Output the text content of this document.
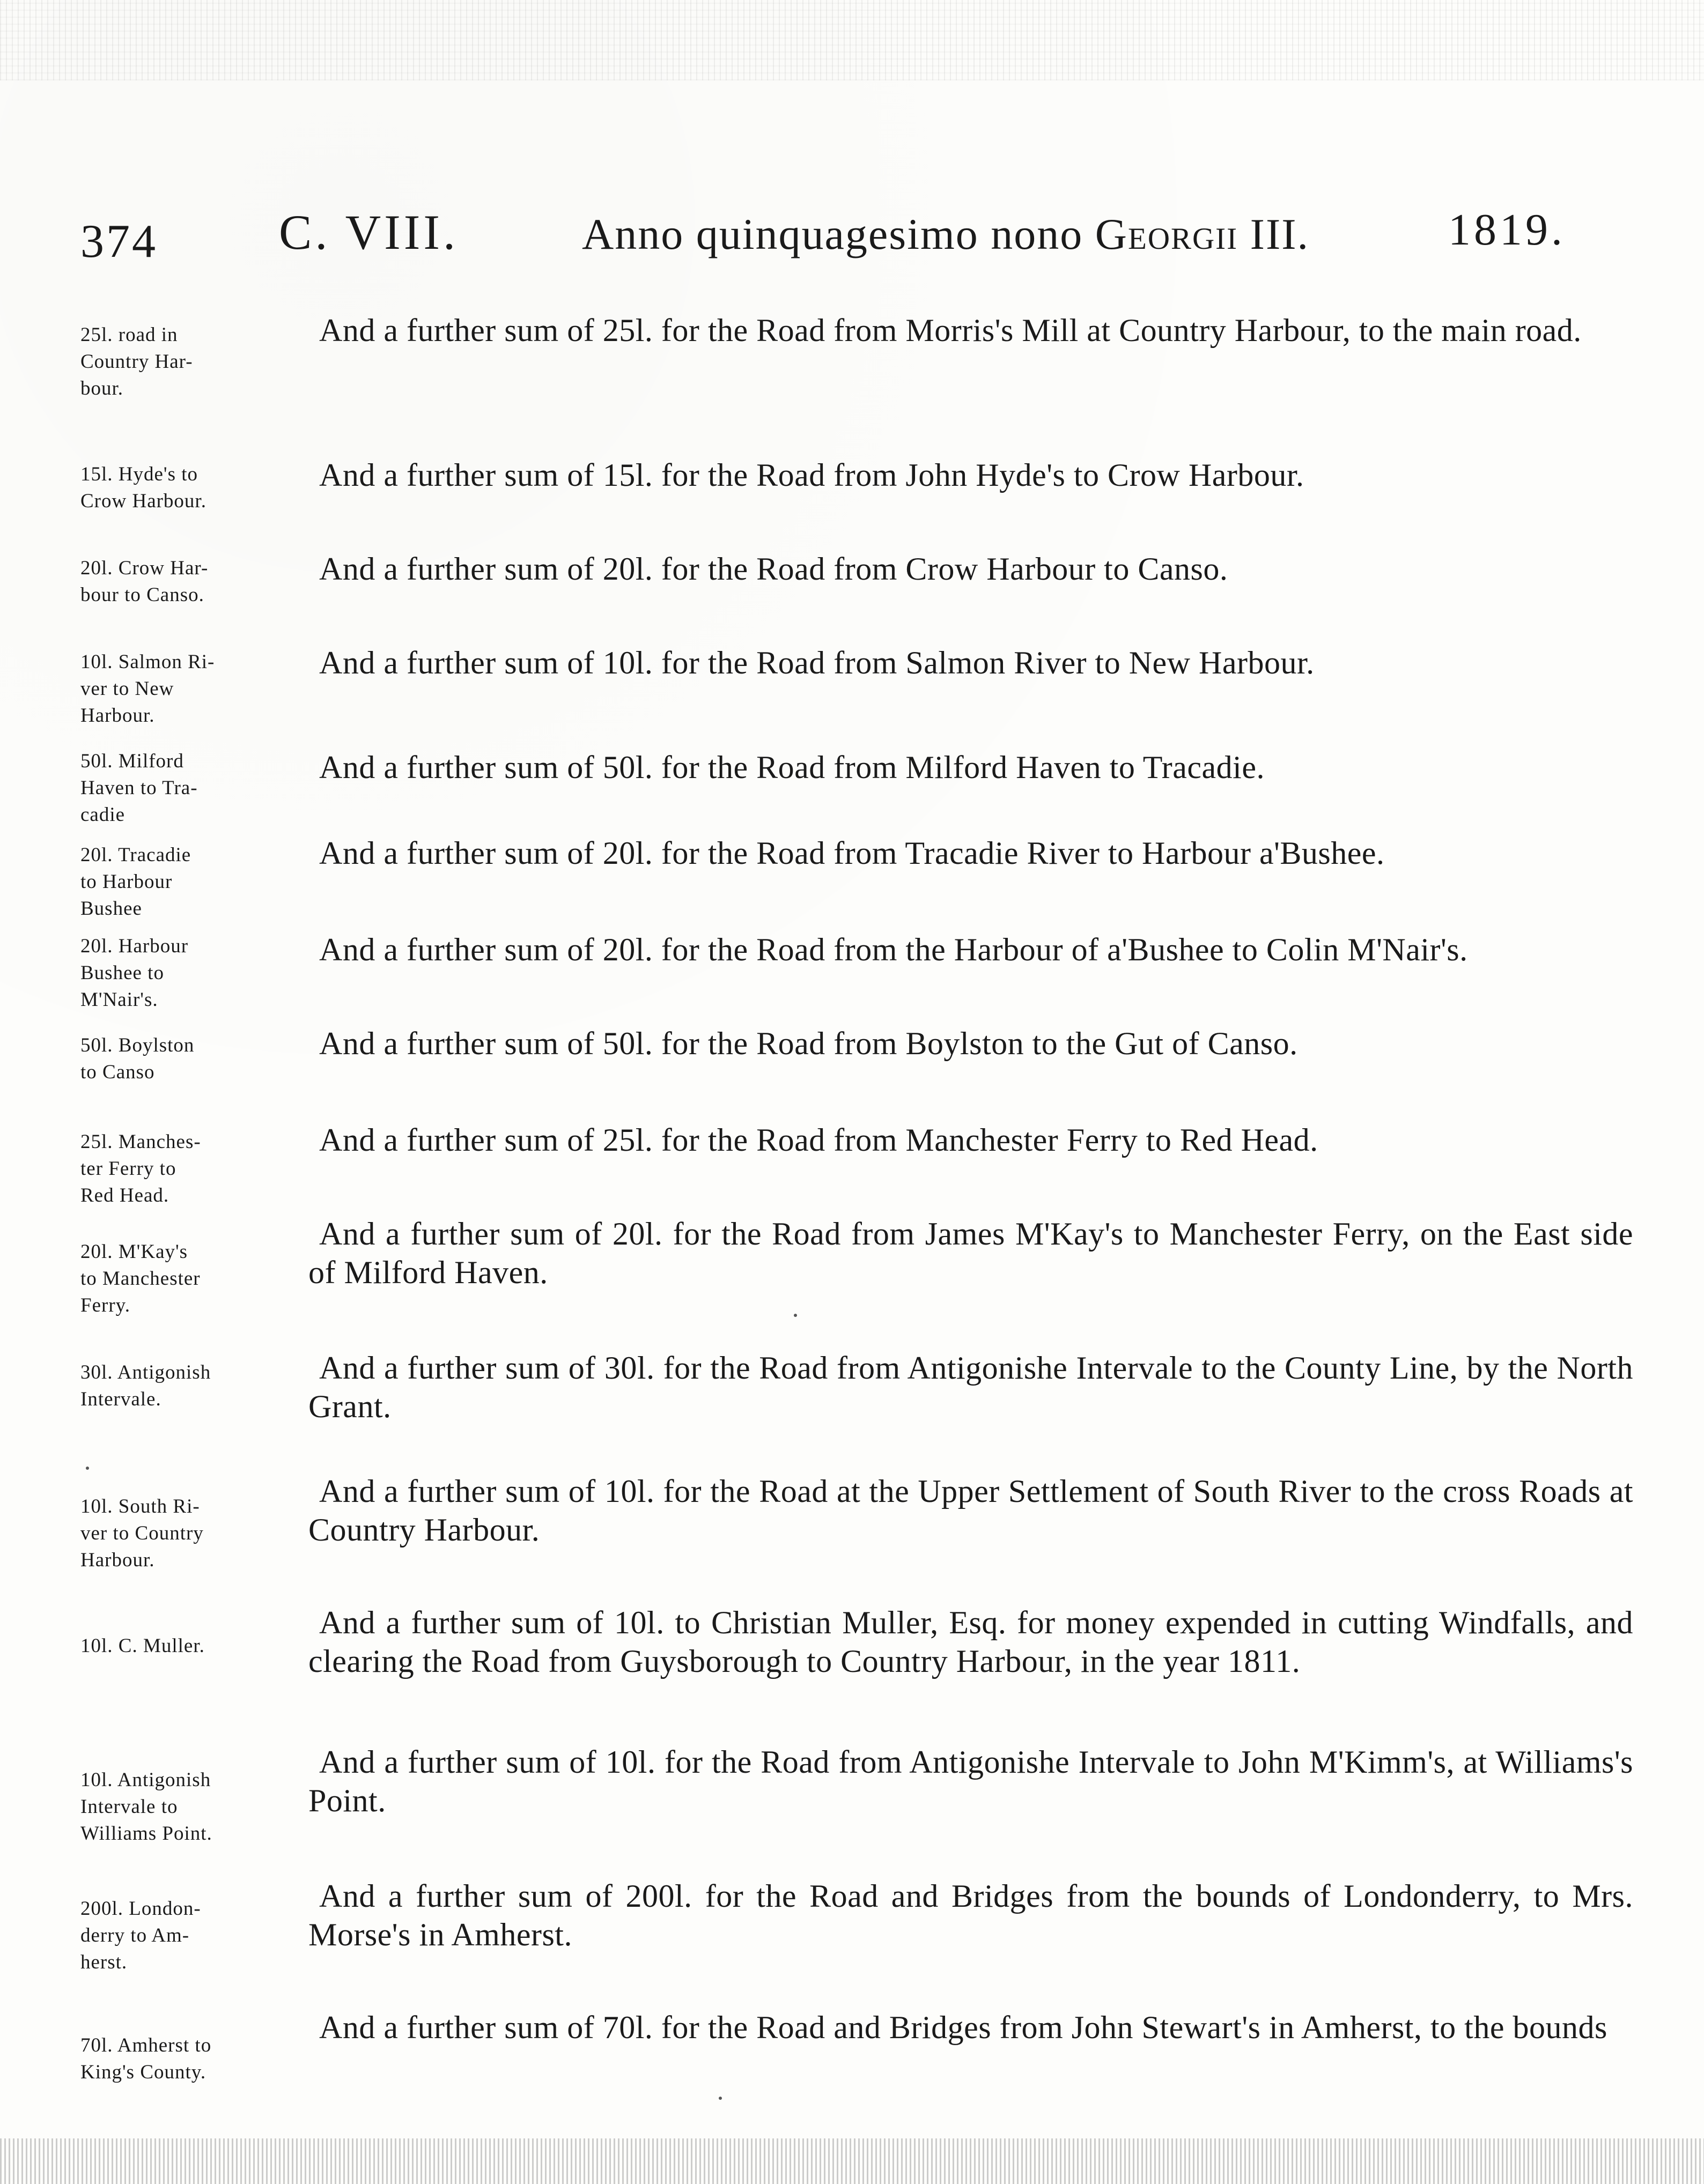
374 C. VIII.	Anno quinquagesimo nono Georgii III.	1819.
25l. road in
Country Har-
bour.
And a further sum of 25l. for the Road from Morris's Mill at Country Harbour, to the main road.
15l. Hyde's to
Crow Harbour.
And a further sum of 15l. for the Road from John Hyde's to Crow Harbour.
20l. Crow Har-
bour to Canso.
And a further sum of 20l. for the Road from Crow Harbour to Canso.
10l. Salmon Ri-
ver to New
Harbour.
And a further sum of 10l. for the Road from Salmon River to New Harbour.
50l. Milford
Haven to Tra-
cadie
And a further sum of 50l. for the Road from Milford Haven to Tracadie.
20l. Tracadie
to Harbour
Bushee
And a further sum of 20l. for the Road from Tracadie River to Harbour a'Bushee.
20l. Harbour
Bushee to
M'Nair's.
And a further sum of 20l. for the Road from the Harbour of a'Bushee to Colin M'Nair's.
50l. Boylston
to Canso
And a further sum of 50l. for the Road from Boylston to the Gut of Canso.
25l. Manches-
ter Ferry to
Red Head.
And a further sum of 25l. for the Road from Manchester Ferry to Red Head.
20l. M'Kay's
to Manchester
Ferry.
And a further sum of 20l. for the Road from James M'Kay's to Manchester Ferry, on the East side of Milford Haven.
30l. Antigonish
Intervale.
And a further sum of 30l. for the Road from Antigonishe Intervale to the County Line, by the North Grant.
10l. South Ri-
ver to Country
Harbour.
And a further sum of 10l. for the Road at the Upper Settlement of South River to the cross Roads at Country Harbour.
10l. C. Muller.
And a further sum of 10l. to Christian Muller, Esq. for money expended in cutting Windfalls, and clearing the Road from Guysborough to Country Harbour, in the year 1811.
10l. Antigonish
Intervale to
Williams Point.
And a further sum of 10l. for the Road from Antigonishe Intervale to John M'Kimm's, at Williams's Point.
200l. London-
derry to Am-
herst.
And a further sum of 200l. for the Road and Bridges from the bounds of Londonderry, to Mrs. Morse's in Amherst.
70l. Amherst to
King's County.
And a further sum of 70l. for the Road and Bridges from John Stewart's in Amherst, to the bounds
